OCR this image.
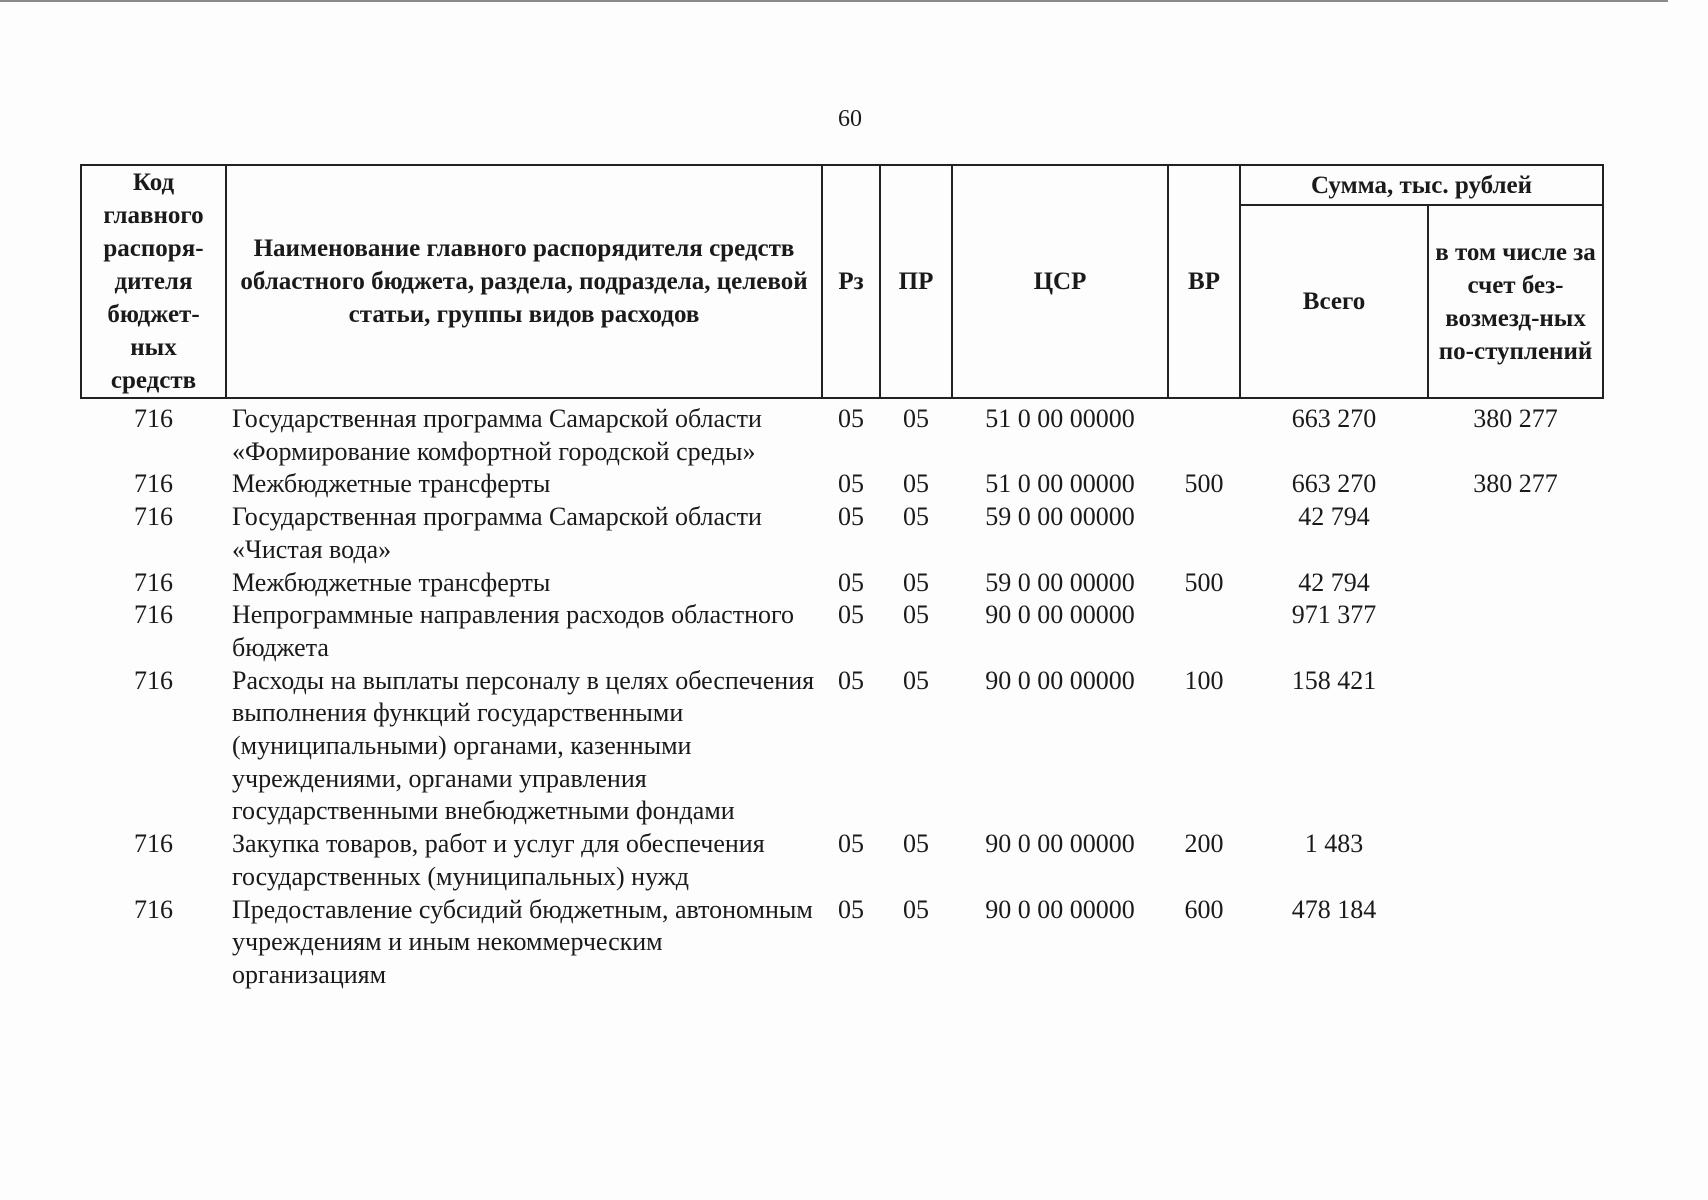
60
Код главного распоря-дителя бюджет-ных средств	Наименование главного распорядителя средств областного бюджета, раздела, подраздела, целевой статьи, группы видов расходов	Рз	ПР	ЦСР	ВР	Сумма, тыс. рублей	
						Всего	в том числе за счет без-возмезд-ных по-ступлений
716	Государственная программа Самарской области «Формирование комфортной городской среды»	05	05	51 0 00 00000		663 270	380 277
716	Межбюджетные трансферты	05	05	51 0 00 00000	500	663 270	380 277
716	Государственная программа Самарской области «Чистая вода»	05	05	59 0 00 00000		42 794	
716	Межбюджетные трансферты	05	05	59 0 00 00000	500	42 794	
716	Непрограммные направления расходов областного бюджета	05	05	90 0 00 00000		971 377	
716	Расходы на выплаты персоналу в целях обеспечения выполнения функций государственными (муниципальными) органами, казенными учреждениями, органами управления государственными внебюджетными фондами	05	05	90 0 00 00000	100	158 421	
716	Закупка товаров, работ и услуг для обеспечения государственных (муниципальных) нужд	05	05	90 0 00 00000	200	1 483	
716	Предоставление субсидий бюджетным, автономным учреждениям и иным некоммерческим организациям	05	05	90 0 00 00000	600	478 184	
